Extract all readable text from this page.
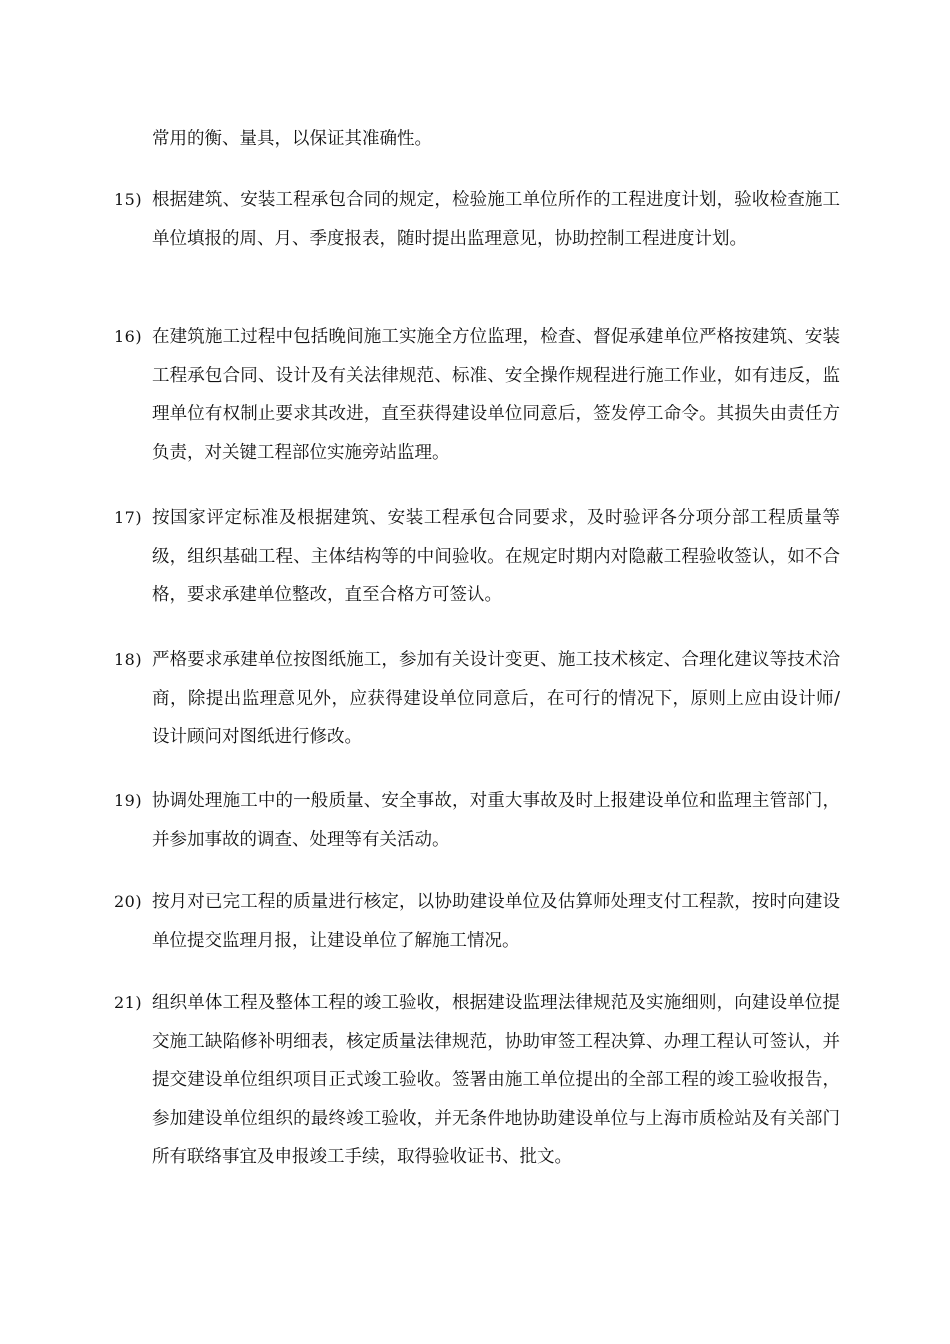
常用的衡、量具，以保证其准确性。

15) 根据建筑、安装工程承包合同的规定，检验施工单位所作的工程进度计划，验收检查施工单位填报的周、月、季度报表，随时提出监理意见，协助控制工程进度计划。

16) 在建筑施工过程中包括晚间施工实施全方位监理，检查、督促承建单位严格按建筑、安装工程承包合同、设计及有关法律规范、标准、安全操作规程进行施工作业，如有违反，监理单位有权制止要求其改进，直至获得建设单位同意后，签发停工命令。其损失由责任方负责，对关键工程部位实施旁站监理。

17) 按国家评定标准及根据建筑、安装工程承包合同要求，及时验评各分项分部工程质量等级，组织基础工程、主体结构等的中间验收。在规定时期内对隐蔽工程验收签认，如不合格，要求承建单位整改，直至合格方可签认。

18) 严格要求承建单位按图纸施工，参加有关设计变更、施工技术核定、合理化建议等技术洽商，除提出监理意见外，应获得建设单位同意后，在可行的情况下，原则上应由设计师/设计顾问对图纸进行修改。

19) 协调处理施工中的一般质量、安全事故，对重大事故及时上报建设单位和监理主管部门，并参加事故的调查、处理等有关活动。

20) 按月对已完工程的质量进行核定，以协助建设单位及估算师处理支付工程款，按时向建设单位提交监理月报，让建设单位了解施工情况。

21) 组织单体工程及整体工程的竣工验收，根据建设监理法律规范及实施细则，向建设单位提交施工缺陷修补明细表，核定质量法律规范，协助审签工程决算、办理工程认可签认，并提交建设单位组织项目正式竣工验收。签署由施工单位提出的全部工程的竣工验收报告，参加建设单位组织的最终竣工验收，并无条件地协助建设单位与上海市质检站及有关部门所有联络事宜及申报竣工手续，取得验收证书、批文。
